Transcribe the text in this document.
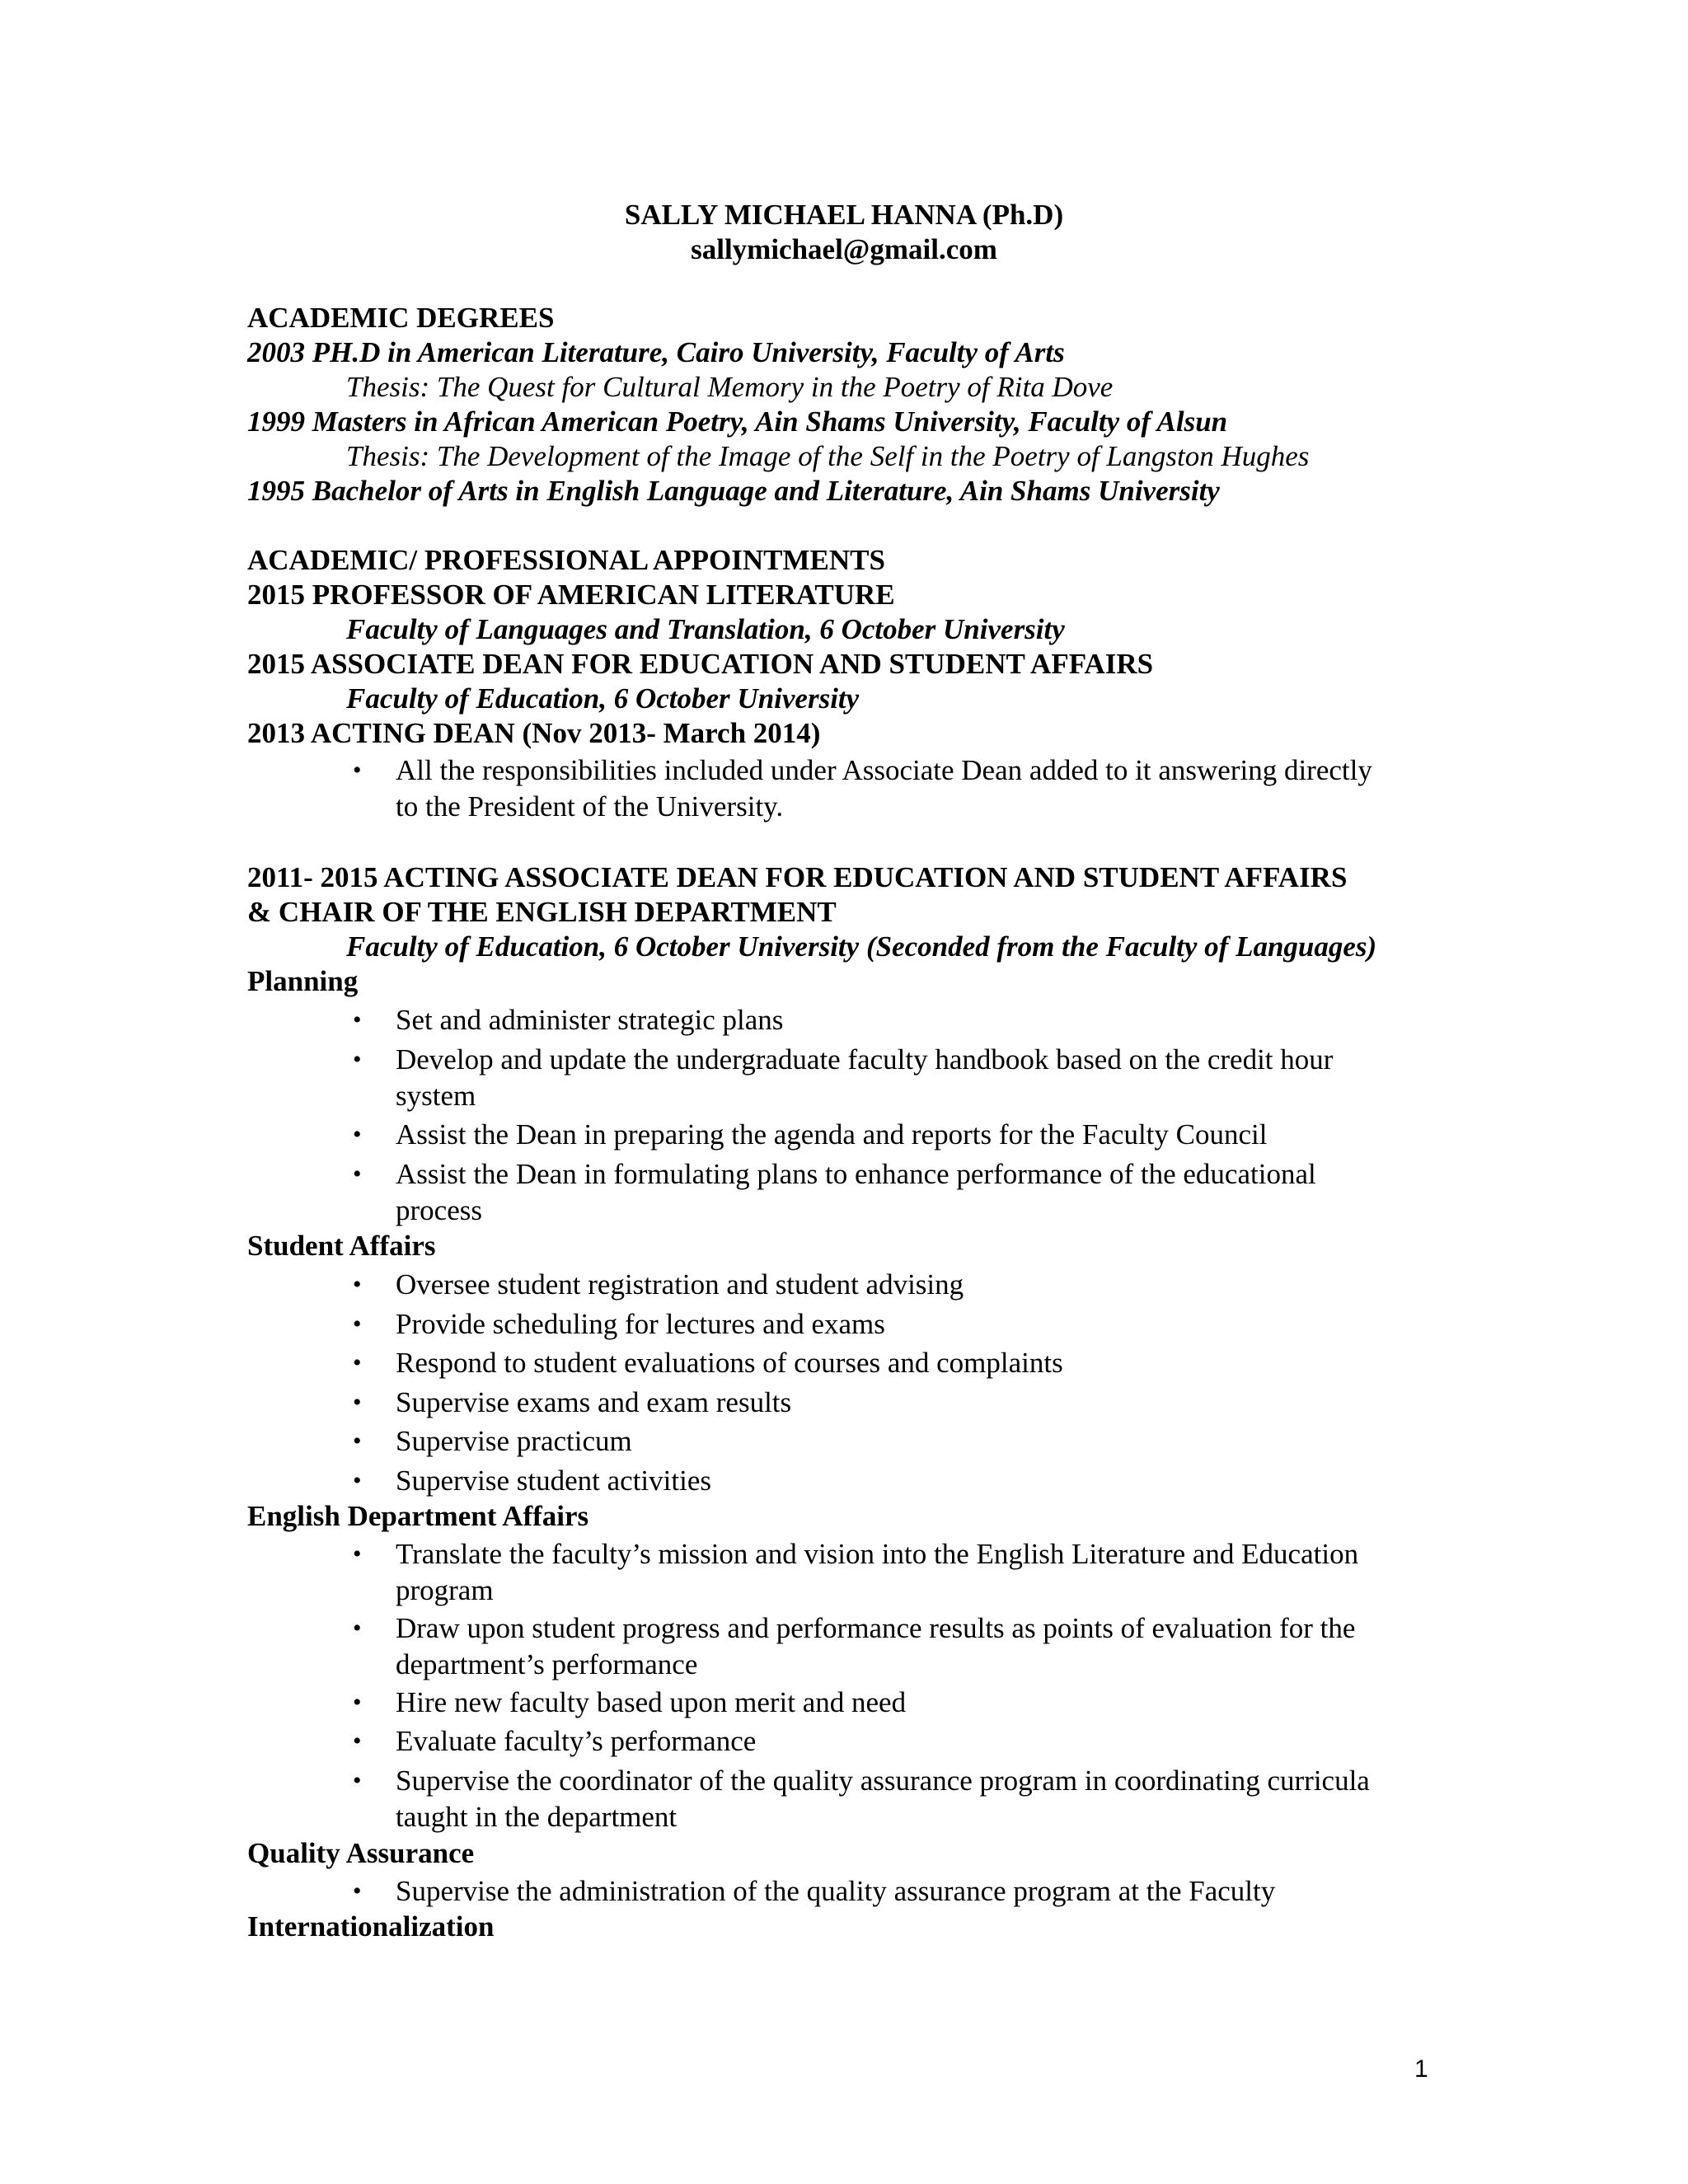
SALLY MICHAEL HANNA (Ph.D)
sallymichael@gmail.com
ACADEMIC DEGREES
2003 PH.D in American Literature, Cairo University, Faculty of Arts
Thesis: The Quest for Cultural Memory in the Poetry of Rita Dove
1999 Masters in African American Poetry, Ain Shams University, Faculty of Alsun
Thesis: The Development of the Image of the Self in the Poetry of Langston Hughes
1995 Bachelor of Arts in English Language and Literature, Ain Shams University
ACADEMIC/ PROFESSIONAL APPOINTMENTS
2015 PROFESSOR OF AMERICAN LITERATURE
Faculty of Languages and Translation, 6 October University
2015 ASSOCIATE DEAN FOR EDUCATION AND STUDENT AFFAIRS
Faculty of Education, 6 October University
2013 ACTING DEAN (Nov 2013- March 2014)
• All the responsibilities included under Associate Dean added to it answering directly
to the President of the University.
2011- 2015 ACTING ASSOCIATE DEAN FOR EDUCATION AND STUDENT AFFAIRS
& CHAIR OF THE ENGLISH DEPARTMENT
Faculty of Education, 6 October University (Seconded from the Faculty of Languages)
Planning
• Set and administer strategic plans
• Develop and update the undergraduate faculty handbook based on the credit hour
system
• Assist the Dean in preparing the agenda and reports for the Faculty Council
• Assist the Dean in formulating plans to enhance performance of the educational
process
Student Affairs
• Oversee student registration and student advising
• Provide scheduling for lectures and exams
• Respond to student evaluations of courses and complaints
• Supervise exams and exam results
• Supervise practicum
• Supervise student activities
English Department Affairs
• Translate the faculty’s mission and vision into the English Literature and Education
program
• Draw upon student progress and performance results as points of evaluation for the
department’s performance
• Hire new faculty based upon merit and need
• Evaluate faculty’s performance
• Supervise the coordinator of the quality assurance program in coordinating curricula
taught in the department
Quality Assurance
• Supervise the administration of the quality assurance program at the Faculty
Internationalization
1
